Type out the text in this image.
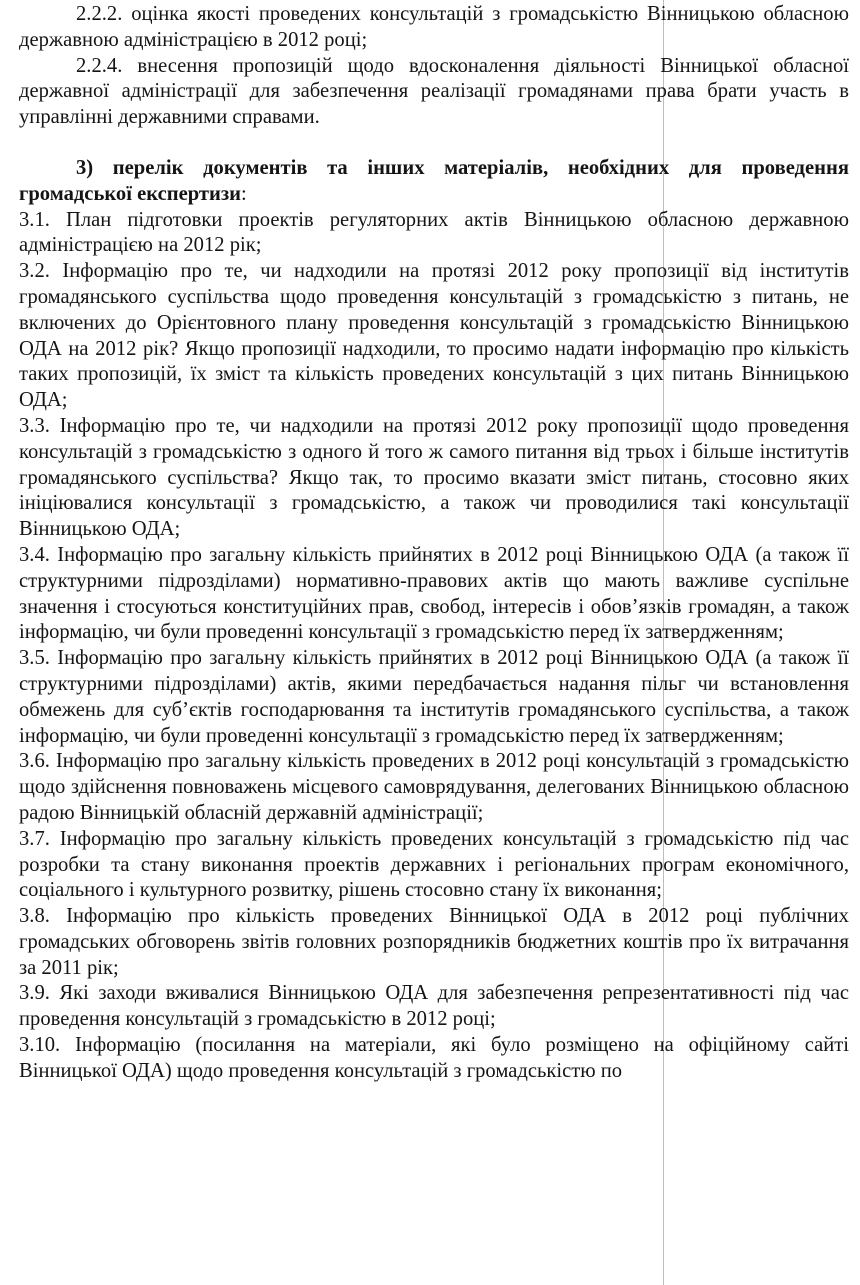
2.2.2. оцінка якості проведених консультацій з громадськістю Вінницькою обласною державною адміністрацією в 2012 році;

2.2.4. внесення пропозицій щодо вдосконалення діяльності Вінницької обласної державної адміністрації для забезпечення реалізації громадянами права брати участь в управлінні державними справами.

3) перелік документів та інших матеріалів, необхідних для проведення громадської експертизи:

3.1. План підготовки проектів регуляторних актів Вінницькою обласною державною адміністрацією на 2012 рік;

3.2. Інформацію про те, чи надходили на протязі 2012 року пропозиції від інститутів громадянського суспільства щодо проведення консультацій з громадськістю з питань, не включених до Орієнтовного плану проведення консультацій з громадськістю Вінницькою ОДА на 2012 рік? Якщо пропозиції надходили, то просимо надати інформацію про кількість таких пропозицій, їх зміст та кількість проведених консультацій з цих питань Вінницькою ОДА;

3.3. Інформацію про те, чи надходили на протязі 2012 року пропозиції щодо проведення консультацій з громадськістю з одного й того ж самого питання від трьох і більше інститутів громадянського суспільства? Якщо так, то просимо вказати зміст питань, стосовно яких ініціювалися консультації з громадськістю, а також чи проводилися такі консультації Вінницькою ОДА;

3.4. Інформацію про загальну кількість прийнятих в 2012 році Вінницькою ОДА (а також її структурними підрозділами) нормативно-правових актів що мають важливе суспільне значення і стосуються конституційних прав, свобод, інтересів і обов’язків громадян, а також інформацію, чи були проведенні консультації з громадськістю перед їх затвердженням;

3.5. Інформацію про загальну кількість прийнятих в 2012 році Вінницькою ОДА (а також її структурними підрозділами) актів, якими передбачається надання пільг чи встановлення обмежень для суб’єктів господарювання та інститутів громадянського суспільства, а також інформацію, чи були проведенні консультації з громадськістю перед їх затвердженням;

3.6. Інформацію про загальну кількість проведених в 2012 році консультацій з громадськістю щодо здійснення повноважень місцевого самоврядування, делегованих Вінницькою обласною радою Вінницькій обласній державній адміністрації;

3.7. Інформацію про загальну кількість проведених консультацій з громадськістю під час розробки та стану виконання проектів державних і регіональних програм економічного, соціального і культурного розвитку, рішень стосовно стану їх виконання;

3.8. Інформацію про кількість проведених Вінницької ОДА в 2012 році публічних громадських обговорень звітів головних розпорядників бюджетних коштів про їх витрачання за 2011 рік;

3.9. Які заходи вживалися Вінницькою ОДА для забезпечення репрезентативності під час проведення консультацій з громадськістю в 2012 році;

3.10. Інформацію (посилання на матеріали, які було розміщено на офіційному сайті Вінницької ОДА) щодо проведення консультацій з громадськістю по
